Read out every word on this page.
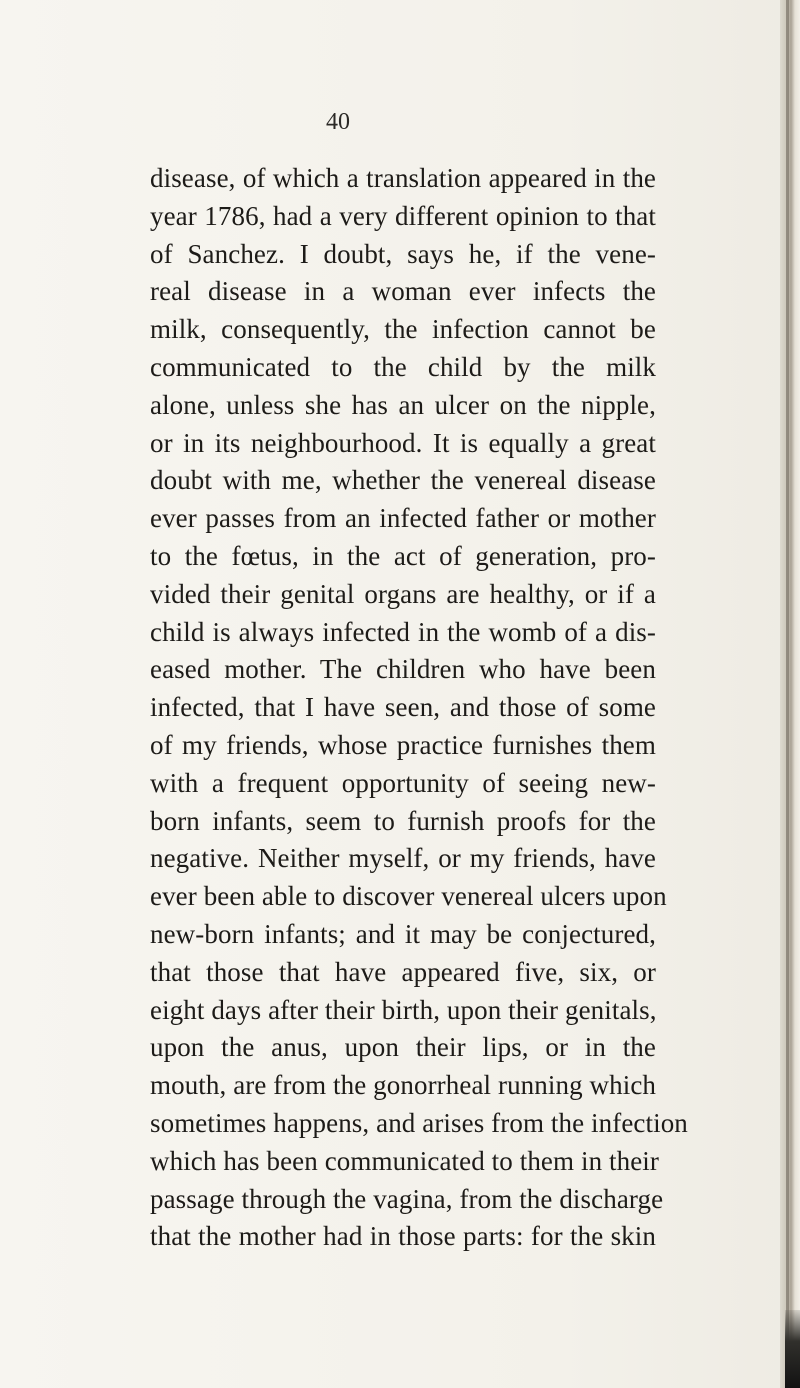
40
disease, of which a translation appeared in the
year 1786, had a very different opinion to that
of Sanchez. I doubt, says he, if the vene-
real disease in a woman ever infects the
milk, consequently, the infection cannot be
communicated to the child by the milk
alone, unless she has an ulcer on the nipple,
or in its neighbourhood. It is equally a great
doubt with me, whether the venereal disease
ever passes from an infected father or mother
to the fœtus, in the act of generation, pro-
vided their genital organs are healthy, or if a
child is always infected in the womb of a dis-
eased mother. The children who have been
infected, that I have seen, and those of some
of my friends, whose practice furnishes them
with a frequent opportunity of seeing new-
born infants, seem to furnish proofs for the
negative. Neither myself, or my friends, have
ever been able to discover venereal ulcers upon
new-born infants; and it may be conjectured,
that those that have appeared five, six, or
eight days after their birth, upon their genitals,
upon the anus, upon their lips, or in the
mouth, are from the gonorrheal running which
sometimes happens, and arises from the infection
which has been communicated to them in their
passage through the vagina, from the discharge
that the mother had in those parts: for the skin
